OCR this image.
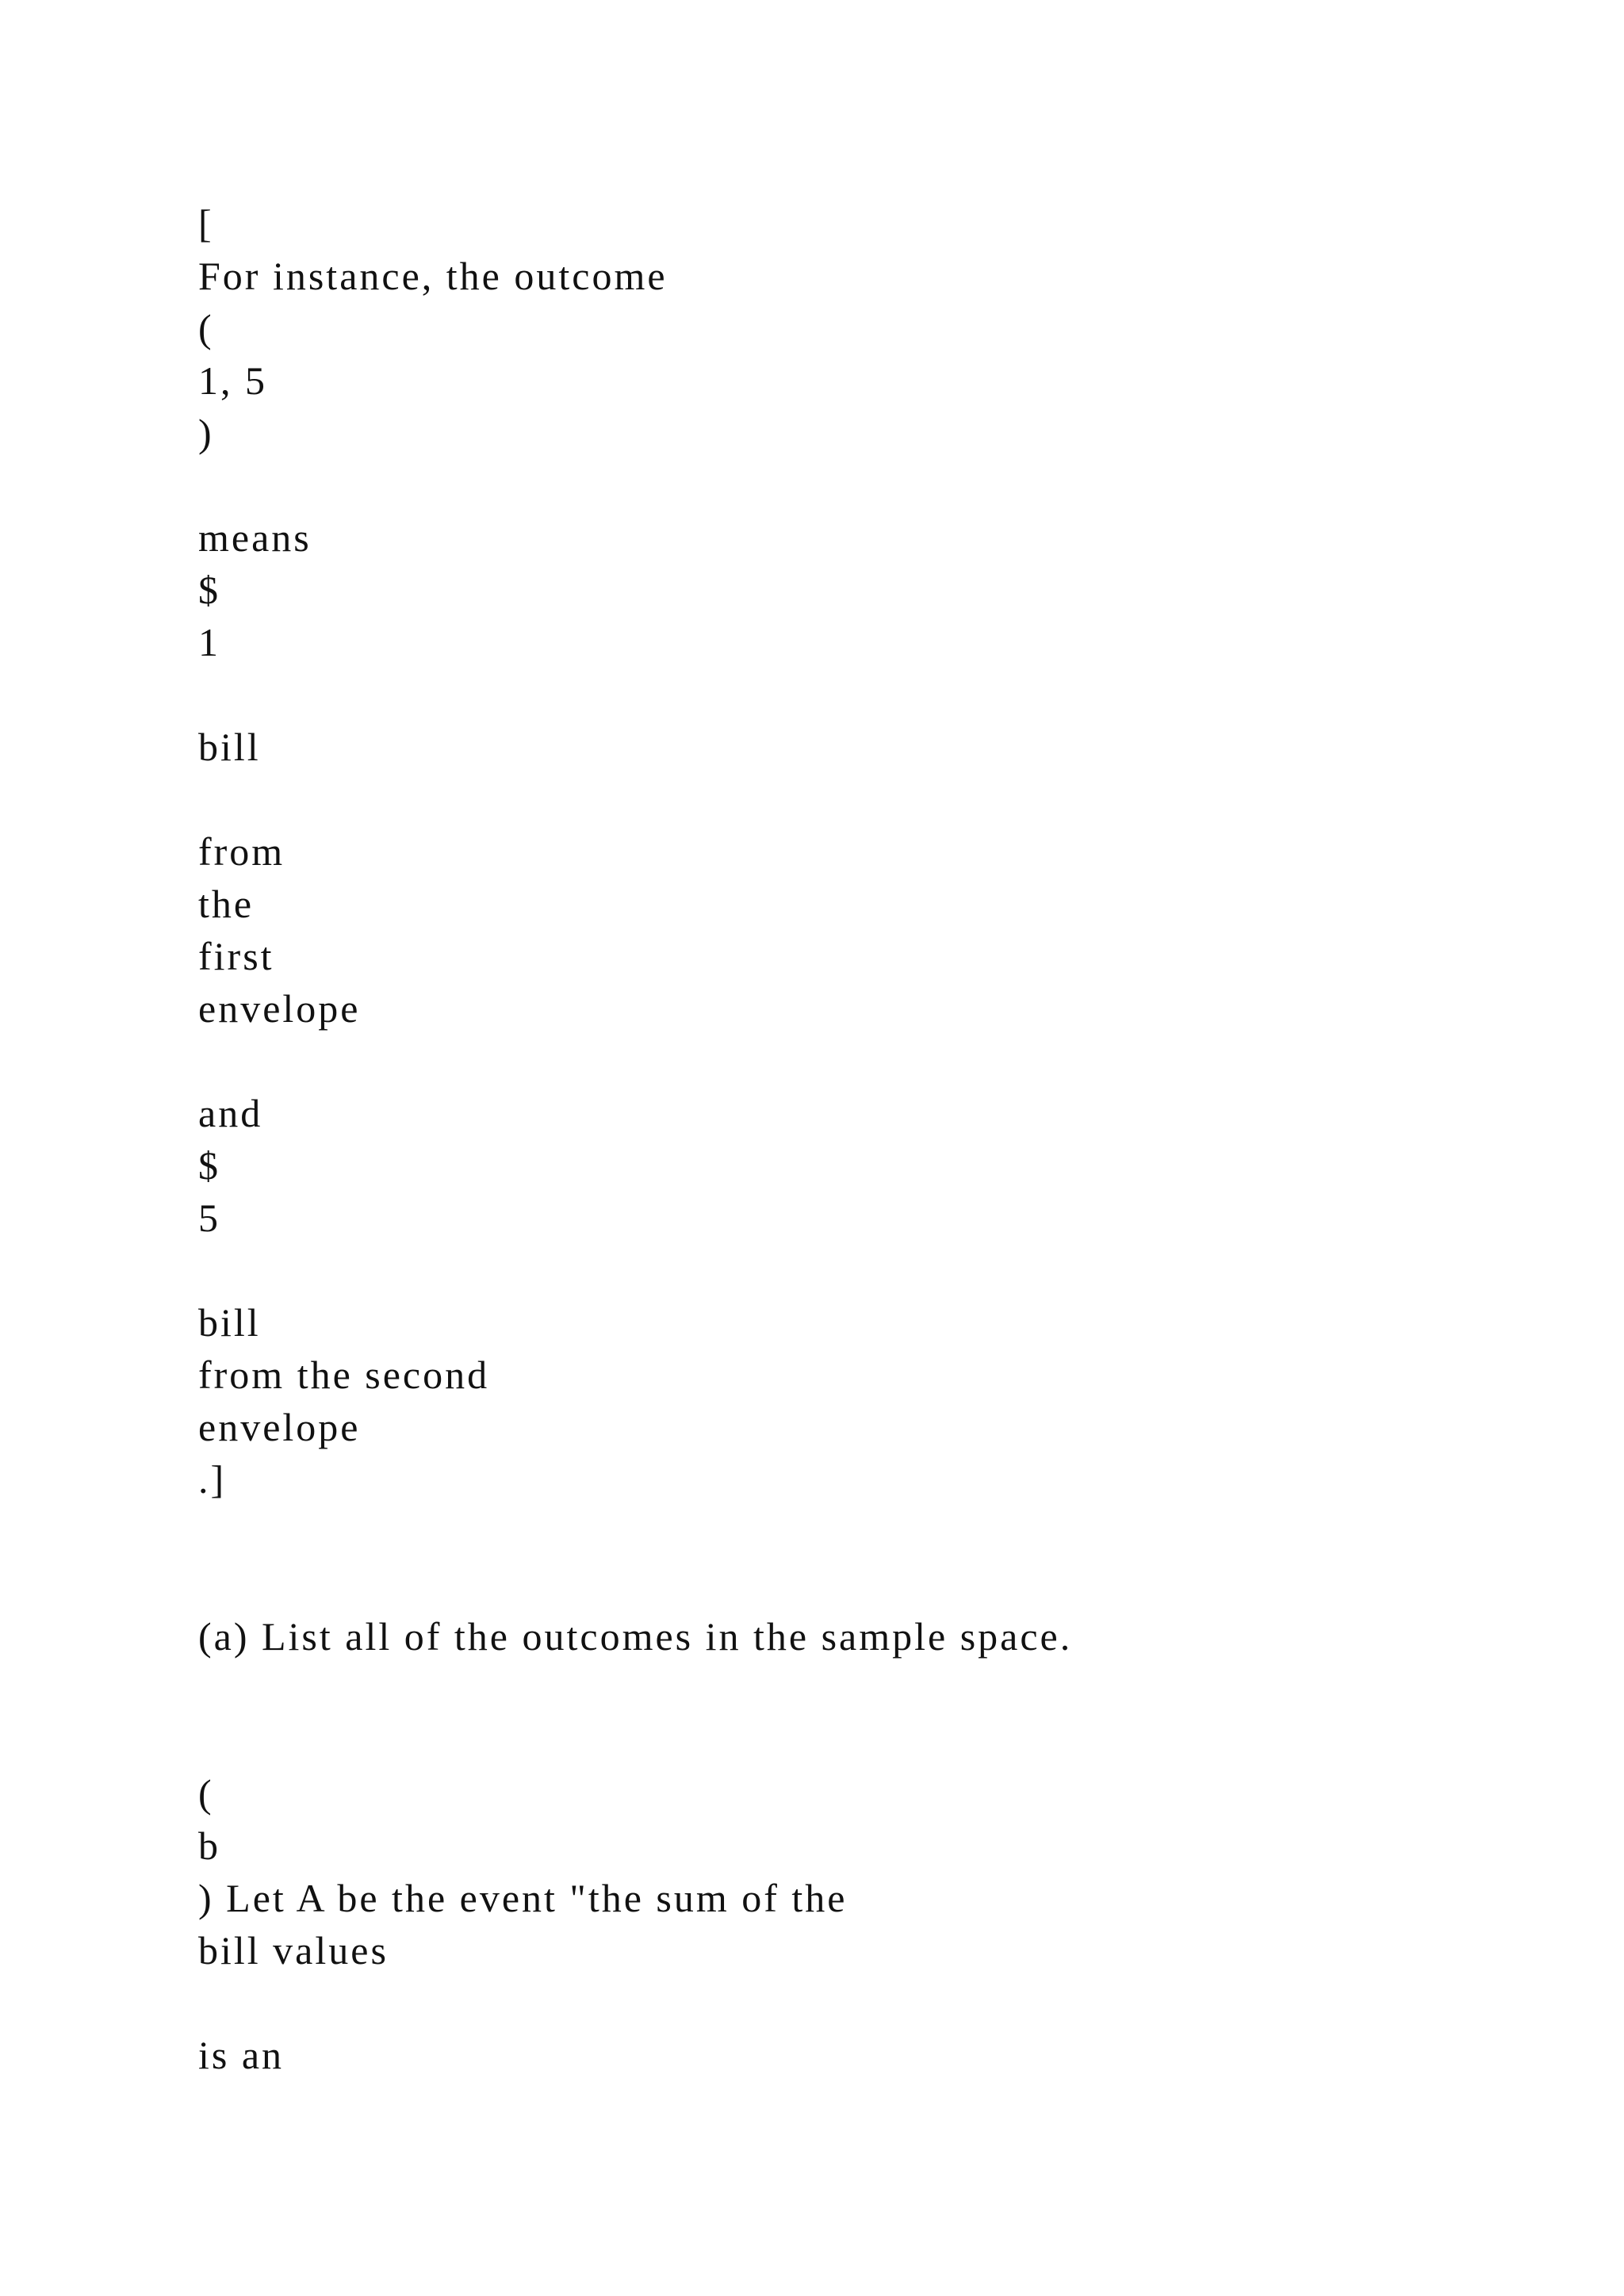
[

For instance, the outcome

(

1, 5

)

means

$

1

bill

from

the

first

envelope

and

$

5

bill

from the second

envelope

.]

(a) List all of the outcomes in the sample space.

(

b

) Let A be the event "the sum of the

bill values

is an
